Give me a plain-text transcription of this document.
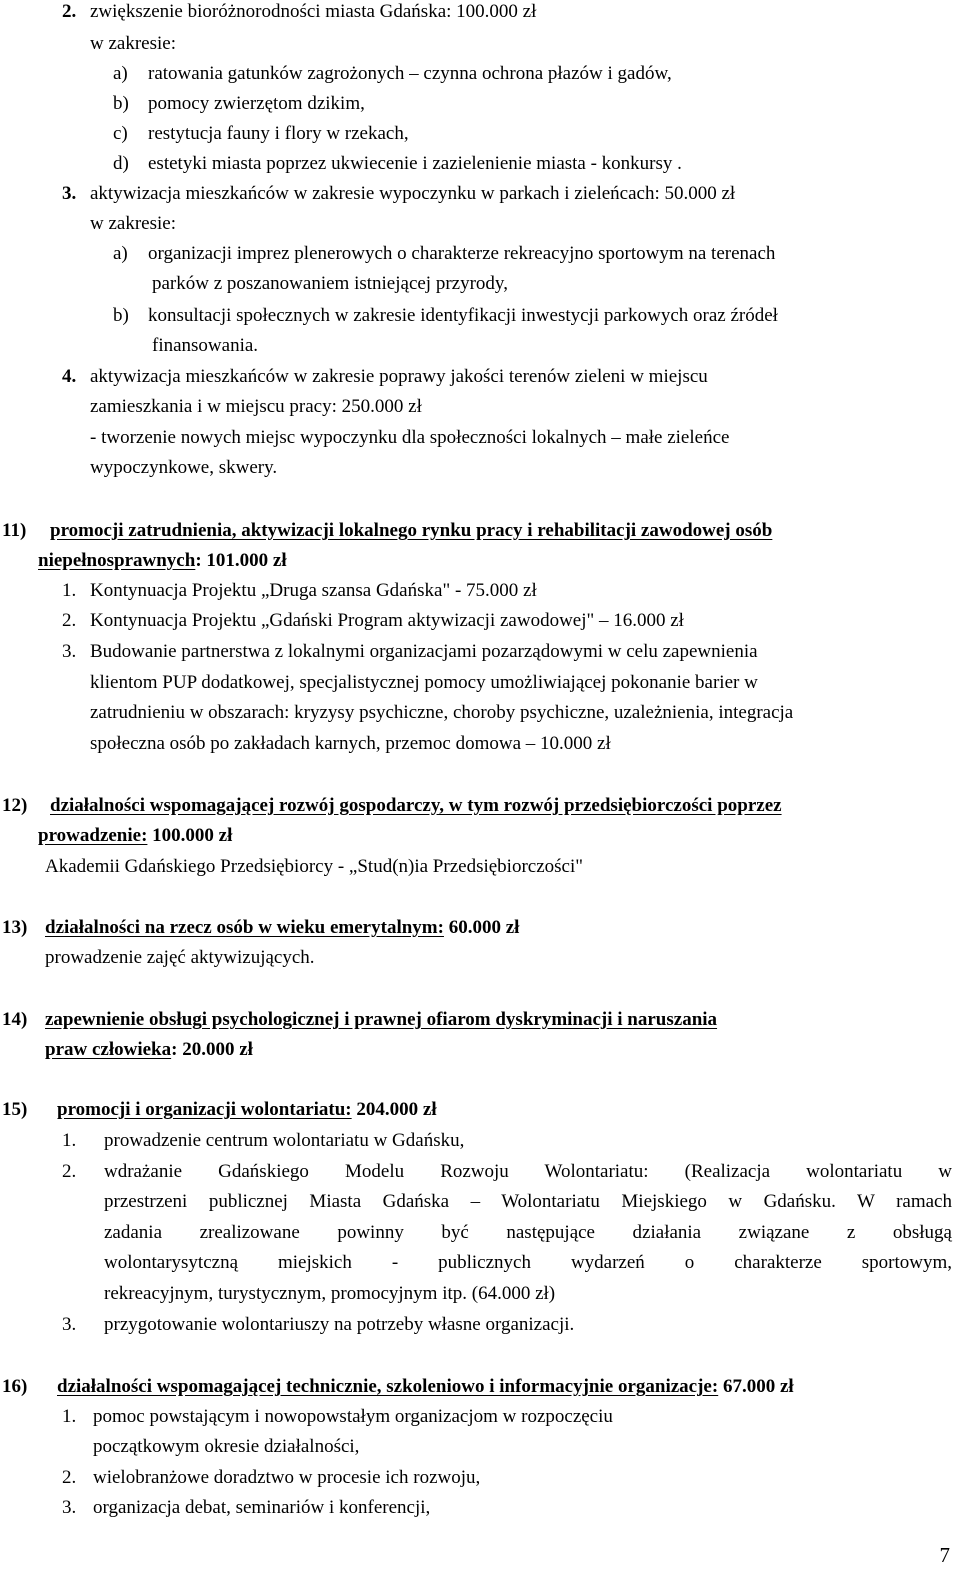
2. zwiększenie bioróżnorodności miasta Gdańska: 100.000 zł
w zakresie:
a) ratowania gatunków zagrożonych – czynna ochrona płazów i gadów,
b) pomocy zwierzętom dzikim,
c) restytucja fauny i flory w rzekach,
d) estetyki miasta poprzez ukwiecenie i zazielenienie miasta - konkursy .
3. aktywizacja mieszkańców w zakresie wypoczynku w parkach i zieleńcach: 50.000 zł
w zakresie:
a) organizacji imprez plenerowych o charakterze rekreacyjno sportowym na terenach
parków z poszanowaniem istniejącej przyrody,
b) konsultacji społecznych w zakresie identyfikacji inwestycji parkowych oraz źródeł
finansowania.
4. aktywizacja mieszkańców w zakresie poprawy jakości terenów zieleni w miejscu
zamieszkania i w miejscu pracy: 250.000 zł
- tworzenie nowych miejsc wypoczynku dla społeczności lokalnych – małe zieleńce
wypoczynkowe, skwery.
11) promocji zatrudnienia, aktywizacji lokalnego rynku pracy i rehabilitacji zawodowej osób
niepełnosprawnych: 101.000 zł
1. Kontynuacja Projektu „Druga szansa Gdańska" - 75.000 zł
2. Kontynuacja Projektu „Gdański Program aktywizacji zawodowej" – 16.000 zł
3. Budowanie partnerstwa z lokalnymi organizacjami pozarządowymi w celu zapewnienia
klientom PUP dodatkowej, specjalistycznej pomocy umożliwiającej pokonanie barier w
zatrudnieniu w obszarach: kryzysy psychiczne, choroby psychiczne, uzależnienia, integracja
społeczna osób po zakładach karnych, przemoc domowa – 10.000 zł
12) działalności wspomagającej rozwój gospodarczy, w tym rozwój przedsiębiorczości poprzez
prowadzenie: 100.000 zł
Akademii Gdańskiego Przedsiębiorcy - „Stud(n)ia Przedsiębiorczości"
13) działalności na rzecz osób w wieku emerytalnym: 60.000 zł
prowadzenie zajęć aktywizujących.
14) zapewnienie obsługi psychologicznej i prawnej ofiarom dyskryminacji i naruszania
praw człowieka: 20.000 zł
15) promocji i organizacji wolontariatu: 204.000 zł
1. prowadzenie centrum wolontariatu w Gdańsku,
2. wdrażanie Gdańskiego Modelu Rozwoju Wolontariatu: (Realizacja wolontariatu w
przestrzeni publicznej Miasta Gdańska – Wolontariatu Miejskiego w Gdańsku. W ramach
zadania zrealizowane powinny być następujące działania związane z obsługą
wolontarysytczną miejskich - publicznych wydarzeń o charakterze sportowym,
rekreacyjnym, turystycznym, promocyjnym itp. (64.000 zł)
3. przygotowanie wolontariuszy na potrzeby własne organizacji.
16) działalności wspomagającej technicznie, szkoleniowo i informacyjnie organizacje: 67.000 zł
1. pomoc powstającym i nowopowstałym organizacjom w rozpoczęciu
początkowym okresie działalności,
2. wielobranżowe doradztwo w procesie ich rozwoju,
3. organizacja debat, seminariów i konferencji,
7
